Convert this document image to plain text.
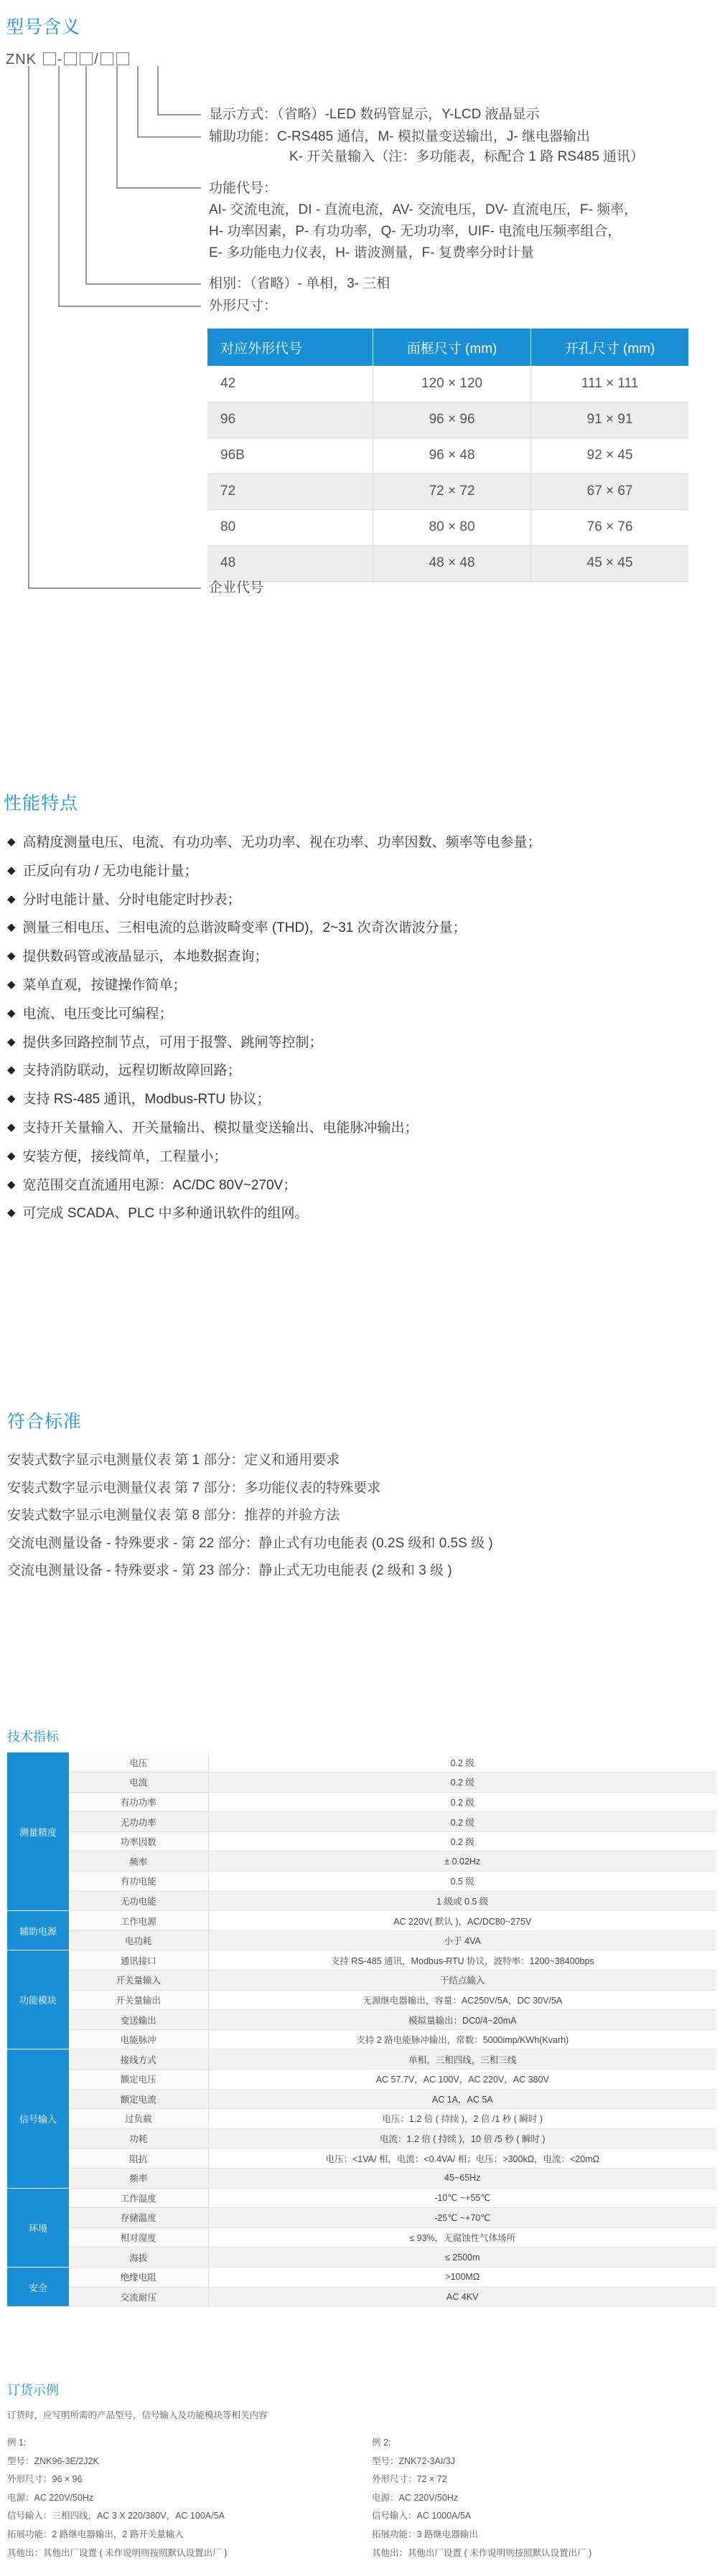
型号含义
ZNK - /
显示方式：（省略）-LED 数码管显示，Y-LCD 液晶显示
辅助功能：C-RS485 通信，M- 模拟量变送输出，J- 继电器输出
K- 开关量输入（注：多功能表，标配合 1 路 RS485 通讯）
功能代号：
AI- 交流电流，DI - 直流电流，AV- 交流电压，DV- 直流电压，F- 频率，
H- 功率因素，P- 有功功率，Q- 无功功率，UIF- 电流电压频率组合，
E- 多功能电力仪表，H- 谐波测量，F- 复费率分时计量
相别：（省略）- 单相，3- 三相
外形尺寸：
对应外形代号	面框尺寸 (mm)	开孔尺寸 (mm)
42	120 × 120	111 × 111
96	96 × 96	91 × 91
96B	96 × 48	92 × 45
72	72 × 72	67 × 67
80	80 × 80	76 × 76
48	48 × 48	45 × 45
企业代号
性能特点
◆ 高精度测量电压、电流、有功功率、无功功率、视在功率、功率因数、频率等电参量；
◆ 正反向有功 / 无功电能计量；
◆ 分时电能计量、分时电能定时抄表；
◆ 测量三相电压、三相电流的总谐波畸变率 (THD)，2~31 次奇次谐波分量；
◆ 提供数码管或液晶显示，本地数据查询；
◆ 菜单直观，按键操作简单；
◆ 电流、电压变比可编程；
◆ 提供多回路控制节点，可用于报警、跳闸等控制；
◆ 支持消防联动，远程切断故障回路；
◆ 支持 RS-485 通讯，Modbus-RTU 协议；
◆ 支持开关量输入、开关量输出、模拟量变送输出、电能脉冲输出；
◆ 安装方便，接线简单，工程量小；
◆ 宽范围交直流通用电源：AC/DC 80V~270V；
◆ 可完成 SCADA、PLC 中多种通讯软件的组网。
符合标准
安装式数字显示电测量仪表 第 1 部分：定义和通用要求
安装式数字显示电测量仪表 第 7 部分：多功能仪表的特殊要求
安装式数字显示电测量仪表 第 8 部分：推荐的并验方法
交流电测量设备 - 特殊要求 - 第 22 部分：静止式有功电能表 (0.2S 级和 0.5S 级 )
交流电测量设备 - 特殊要求 - 第 23 部分：静止式无功电能表 (2 级和 3 级 )
技术指标
测量精度	电压	0.2 级
	电流	0.2 级
	有功功率	0.2 级
	无功功率	0.2 级
	功率因数	0.2 级
	频率	± 0.02Hz
	有功电能	0.5 级
	无功电能	1 级或 0.5 级
辅助电源	工作电源	AC 220V( 默认 )，AC/DC80~275V
	电功耗	小于 4VA
功能模块	通讯接口	支持 RS-485 通讯，Modbus-RTU 协议，波特率：1200~38400bps
	开关量输入	干结点输入
	开关量输出	无源继电器输出，容量：AC250V/5A，DC 30V/5A
	变送输出	模拟量输出：DC0/4~20mA
	电能脉冲	支持 2 路电能脉冲输出，常数：5000imp/KWh(Kvarh)
信号输入	接线方式	单相，三相四线，三相三线
	额定电压	AC 57.7V，AC 100V，AC 220V，AC 380V
	额定电流	AC 1A，AC 5A
	过负载	电压：1.2 倍 ( 持续 )，2 倍 /1 秒 ( 瞬时 )
	功耗	电流：1.2 倍 ( 持续 )，10 倍 /5 秒 ( 瞬时 )
	阻抗	电压：<1VA/ 相，电流：<0.4VA/ 相；电压：>300kΩ，电流：<20mΩ
	频率	45~65Hz
环境	工作温度	-10℃ ~+55℃
	存储温度	-25℃ ~+70℃
	相对湿度	≤ 93%，无腐蚀性气体场所
	海拔	≤ 2500m
安全	绝缘电阻	>100MΩ
	交流耐压	AC 4KV
订货示例
订货时，应写明所需的产品型号，信号输入及功能模块等相关内容
例 1:
型号：ZNK96-3E/2J2K
外形尺寸：96 × 96
电源：AC 220V/50Hz
信号输入：三相四线，AC 3 X 220/380V，AC 100A/5A
拓展功能：2 路继电器输出，2 路开关量输入
其他出：其他出厂设置 ( 未作说明则按照默认设置出厂 )
例 2:
型号：ZNK72-3AI/3J
外形尺寸：72 × 72
电源：AC 220V/50Hz
信号输入：AC 1000A/5A
拓展功能：3 路继电器输出
其他出：其他出厂设置 ( 未作说明则按照默认设置出厂 )
